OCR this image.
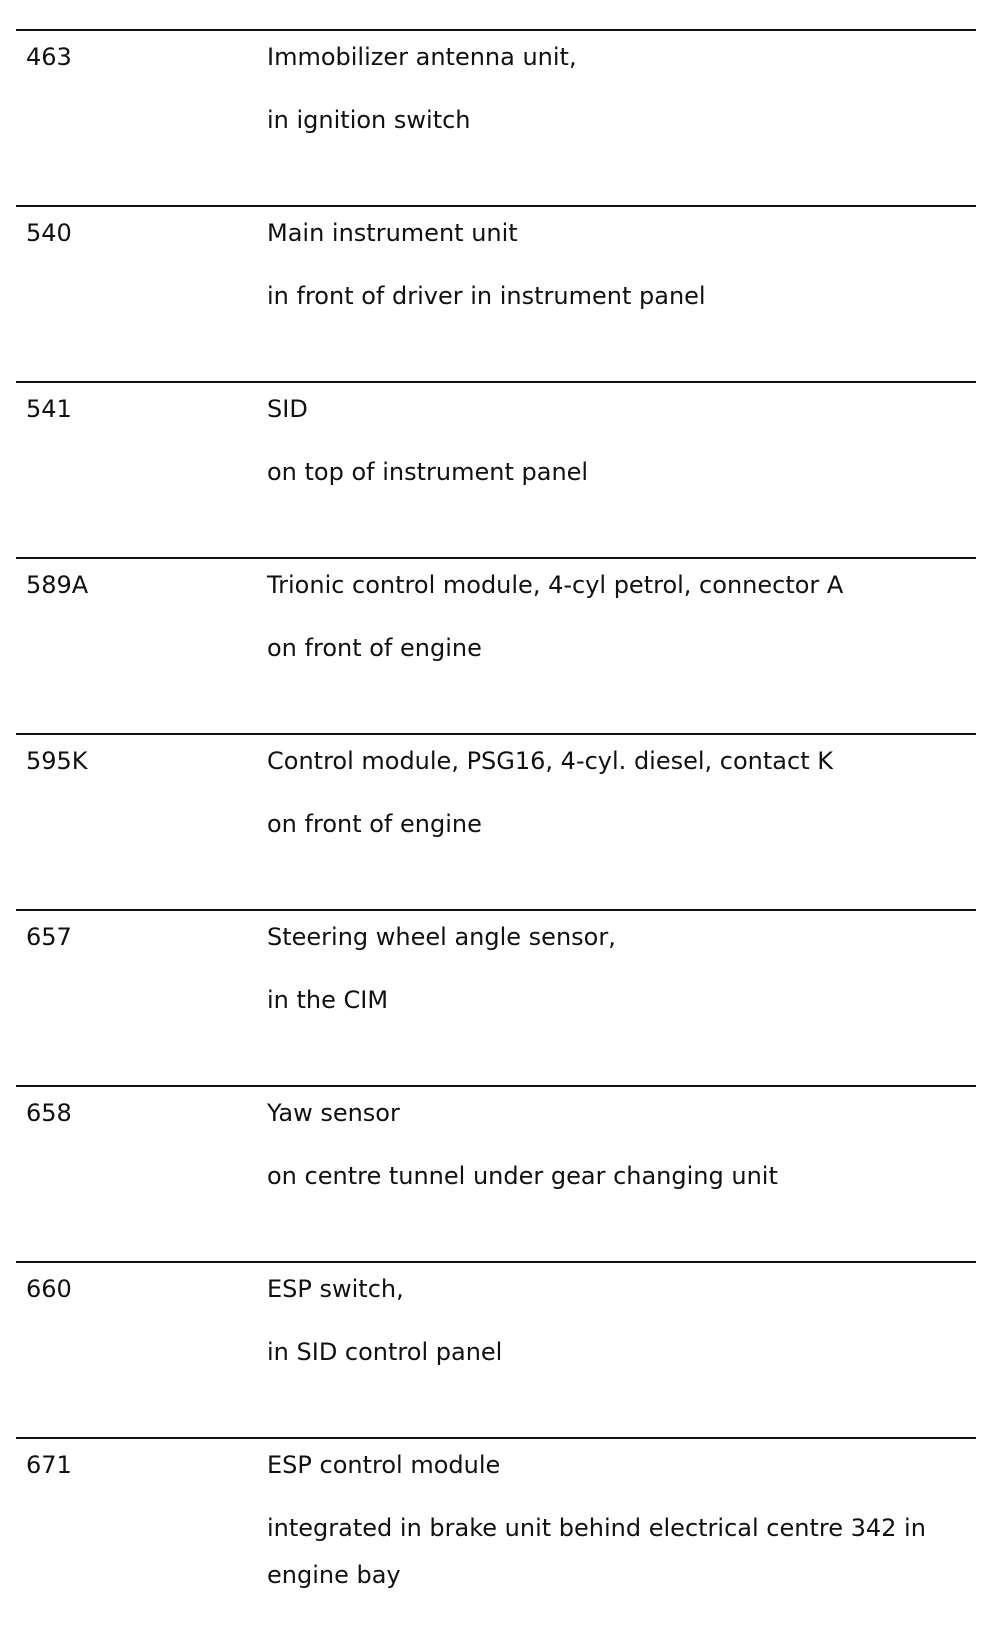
463	Immobilizer antenna unit,

in ignition switch

540	Main instrument unit

in front of driver in instrument panel

541	SID

on top of instrument panel

589A	Trionic control module, 4-cyl petrol, connector A

on front of engine

595K	Control module, PSG16, 4-cyl. diesel, contact K

on front of engine

657	Steering wheel angle sensor,

in the CIM

658	Yaw sensor

on centre tunnel under gear changing unit

660	ESP switch,

in SID control panel

671	ESP control module

integrated in brake unit behind electrical centre 342 in engine bay
